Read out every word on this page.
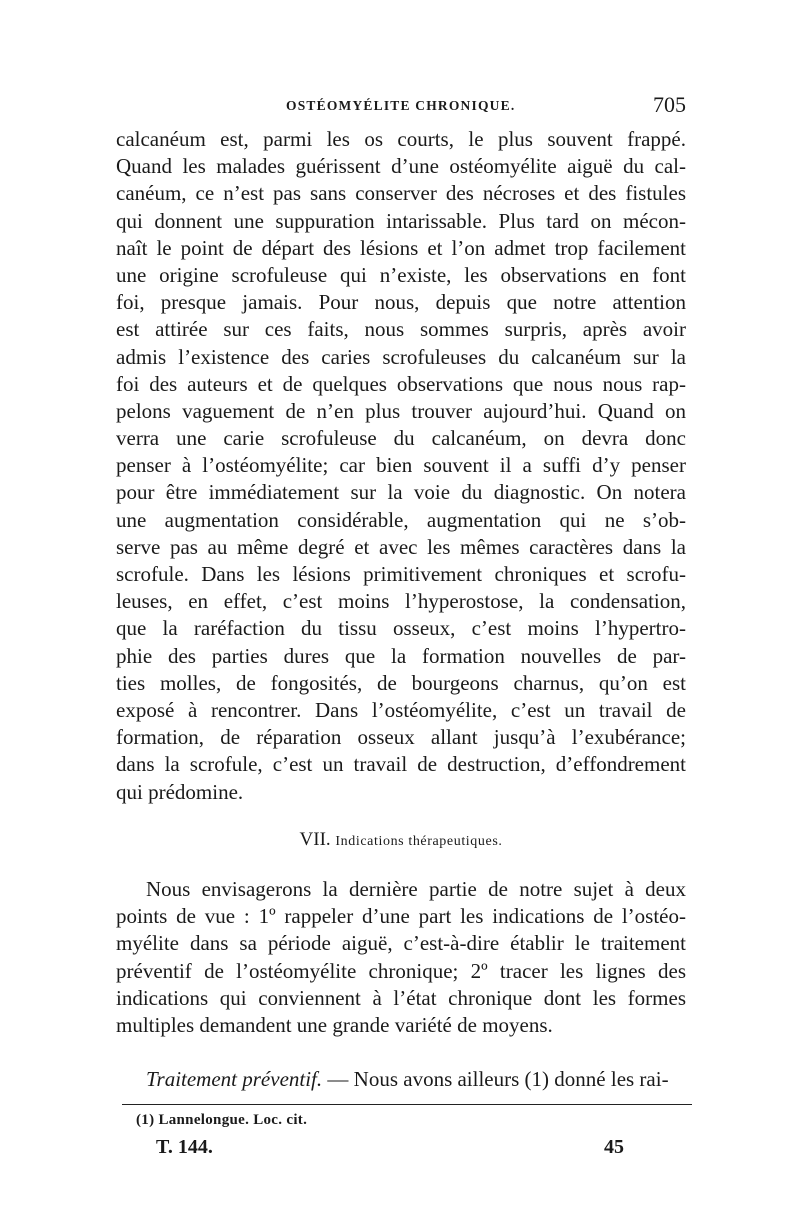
OSTÉOMYÉLITE CHRONIQUE.	705
calcanéum est, parmi les os courts, le plus souvent frappé.
Quand les malades guérissent d’une ostéomyélite aiguë du cal-
canéum, ce n’est pas sans conserver des nécroses et des fistules
qui donnent une suppuration intarissable. Plus tard on mécon-
naît le point de départ des lésions et l’on admet trop facilement
une origine scrofuleuse qui n’existe, les observations en font
foi, presque jamais. Pour nous, depuis que notre attention
est attirée sur ces faits, nous sommes surpris, après avoir
admis l’existence des caries scrofuleuses du calcanéum sur la
foi des auteurs et de quelques observations que nous nous rap-
pelons vaguement de n’en plus trouver aujourd’hui. Quand on
verra une carie scrofuleuse du calcanéum, on devra donc
penser à l’ostéomyélite; car bien souvent il a suffi d’y penser
pour être immédiatement sur la voie du diagnostic. On notera
une augmentation considérable, augmentation qui ne s’ob-
serve pas au même degré et avec les mêmes caractères dans la
scrofule. Dans les lésions primitivement chroniques et scrofu-
leuses, en effet, c’est moins l’hyperostose, la condensation,
que la raréfaction du tissu osseux, c’est moins l’hypertro-
phie des parties dures que la formation nouvelles de par-
ties molles, de fongosités, de bourgeons charnus, qu’on est
exposé à rencontrer. Dans l’ostéomyélite, c’est un travail de
formation, de réparation osseux allant jusqu’à l’exubérance;
dans la scrofule, c’est un travail de destruction, d’effondrement
qui prédomine.
VII. Indications thérapeutiques.
Nous envisagerons la dernière partie de notre sujet à deux
points de vue : 1º rappeler d’une part les indications de l’ostéo-
myélite dans sa période aiguë, c’est-à-dire établir le traitement
préventif de l’ostéomyélite chronique; 2º tracer les lignes des
indications qui conviennent à l’état chronique dont les formes
multiples demandent une grande variété de moyens.
Traitement préventif. — Nous avons ailleurs (1) donné les rai-
(1) Lannelongue. Loc. cit.
T. 144.	45
